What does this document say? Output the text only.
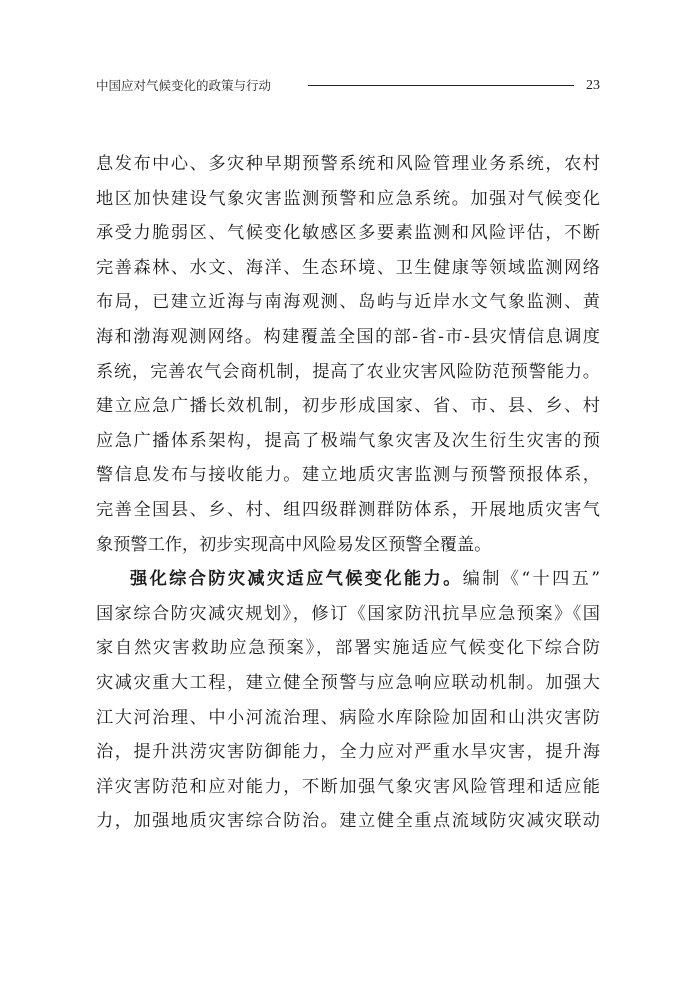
中国应对气候变化的政策与行动	23
息发布中心、多灾种早期预警系统和风险管理业务系统，农村
地区加快建设气象灾害监测预警和应急系统。加强对气候变化
承受力脆弱区、气候变化敏感区多要素监测和风险评估，不断
完善森林、水文、海洋、生态环境、卫生健康等领域监测网络
布局，已建立近海与南海观测、岛屿与近岸水文气象监测、黄
海和渤海观测网络。构建覆盖全国的部-省-市-县灾情信息调度
系统，完善农气会商机制，提高了农业灾害风险防范预警能力。
建立应急广播长效机制，初步形成国家、省、市、县、乡、村
应急广播体系架构，提高了极端气象灾害及次生衍生灾害的预
警信息发布与接收能力。建立地质灾害监测与预警预报体系，
完善全国县、乡、村、组四级群测群防体系，开展地质灾害气
象预警工作，初步实现高中风险易发区预警全覆盖。
强化综合防灾减灾适应气候变化能力。编制《“十四五”
国家综合防灾减灾规划》，修订《国家防汛抗旱应急预案》《国
家自然灾害救助应急预案》，部署实施适应气候变化下综合防
灾减灾重大工程，建立健全预警与应急响应联动机制。加强大
江大河治理、中小河流治理、病险水库除险加固和山洪灾害防
治，提升洪涝灾害防御能力，全力应对严重水旱灾害，提升海
洋灾害防范和应对能力，不断加强气象灾害风险管理和适应能
力，加强地质灾害综合防治。建立健全重点流域防灾减灾联动
